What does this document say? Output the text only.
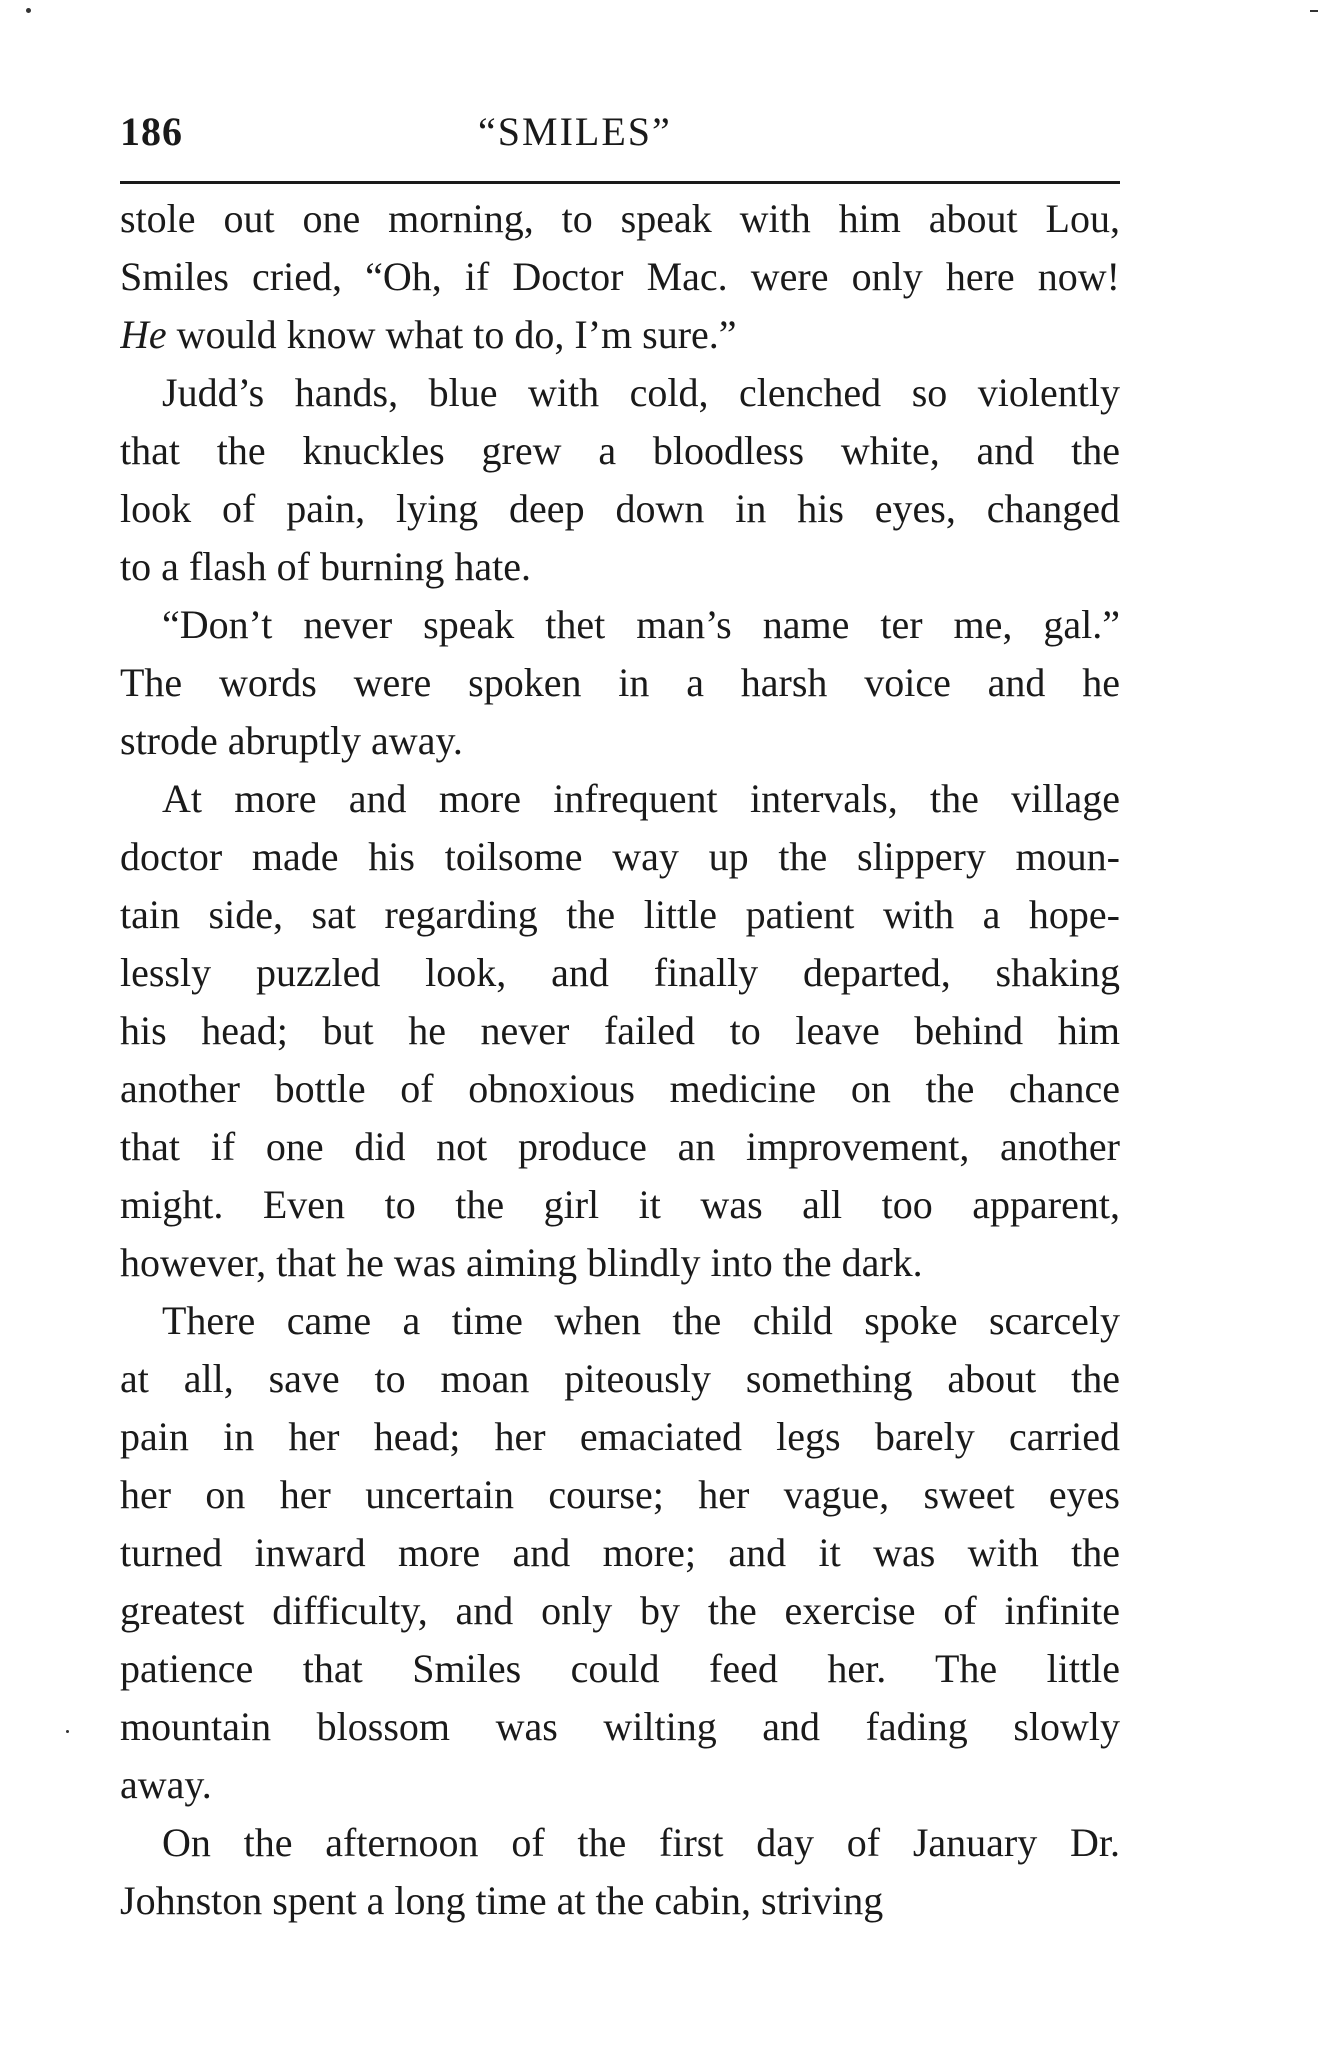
186	“SMILES”
stole out one morning, to speak with him about Lou,
Smiles cried, “Oh, if Doctor Mac. were only here now!
He would know what to do, I’m sure.”
Judd’s hands, blue with cold, clenched so violently
that the knuckles grew a bloodless white, and the
look of pain, lying deep down in his eyes, changed
to a flash of burning hate.
“Don’t never speak thet man’s name ter me, gal.”
The words were spoken in a harsh voice and he
strode abruptly away.
At more and more infrequent intervals, the village
doctor made his toilsome way up the slippery moun-
tain side, sat regarding the little patient with a hope-
lessly puzzled look, and finally departed, shaking
his head; but he never failed to leave behind him
another bottle of obnoxious medicine on the chance
that if one did not produce an improvement, another
might. Even to the girl it was all too apparent,
however, that he was aiming blindly into the dark.
There came a time when the child spoke scarcely
at all, save to moan piteously something about the
pain in her head; her emaciated legs barely carried
her on her uncertain course; her vague, sweet eyes
turned inward more and more; and it was with the
greatest difficulty, and only by the exercise of infinite
patience that Smiles could feed her. The little
mountain blossom was wilting and fading slowly
away.
On the afternoon of the first day of January Dr.
Johnston spent a long time at the cabin, striving
